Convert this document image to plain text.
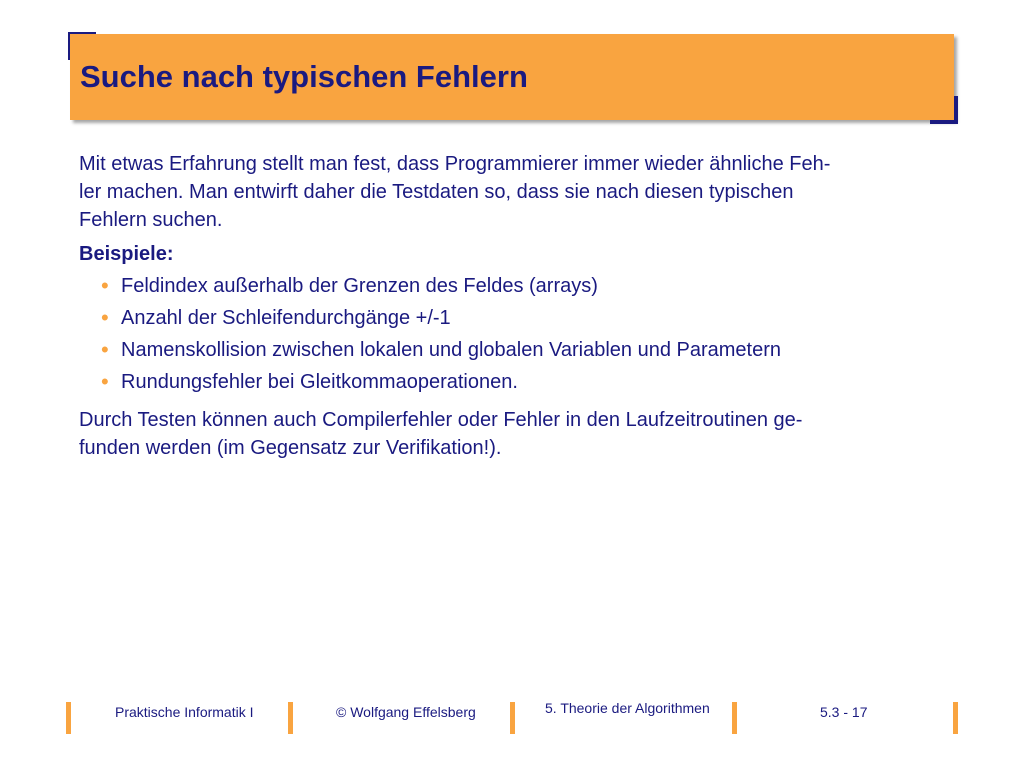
Suche nach typischen Fehlern
Mit etwas Erfahrung stellt man fest, dass Programmierer immer wieder ähnliche Feh-
ler machen. Man entwirft daher die Testdaten so, dass sie nach diesen typischen
Fehlern suchen.
Beispiele:
• Feldindex außerhalb der Grenzen des Feldes (arrays)
• Anzahl der Schleifendurchgänge +/-1
• Namenskollision zwischen lokalen und globalen Variablen und Parametern
• Rundungsfehler bei Gleitkommaoperationen.
Durch Testen können auch Compilerfehler oder Fehler in den Laufzeitroutinen ge-
funden werden (im Gegensatz zur Verifikation!).
Praktische Informatik I	© Wolfgang Effelsberg	5. Theorie der Algorithmen	5.3 - 17
